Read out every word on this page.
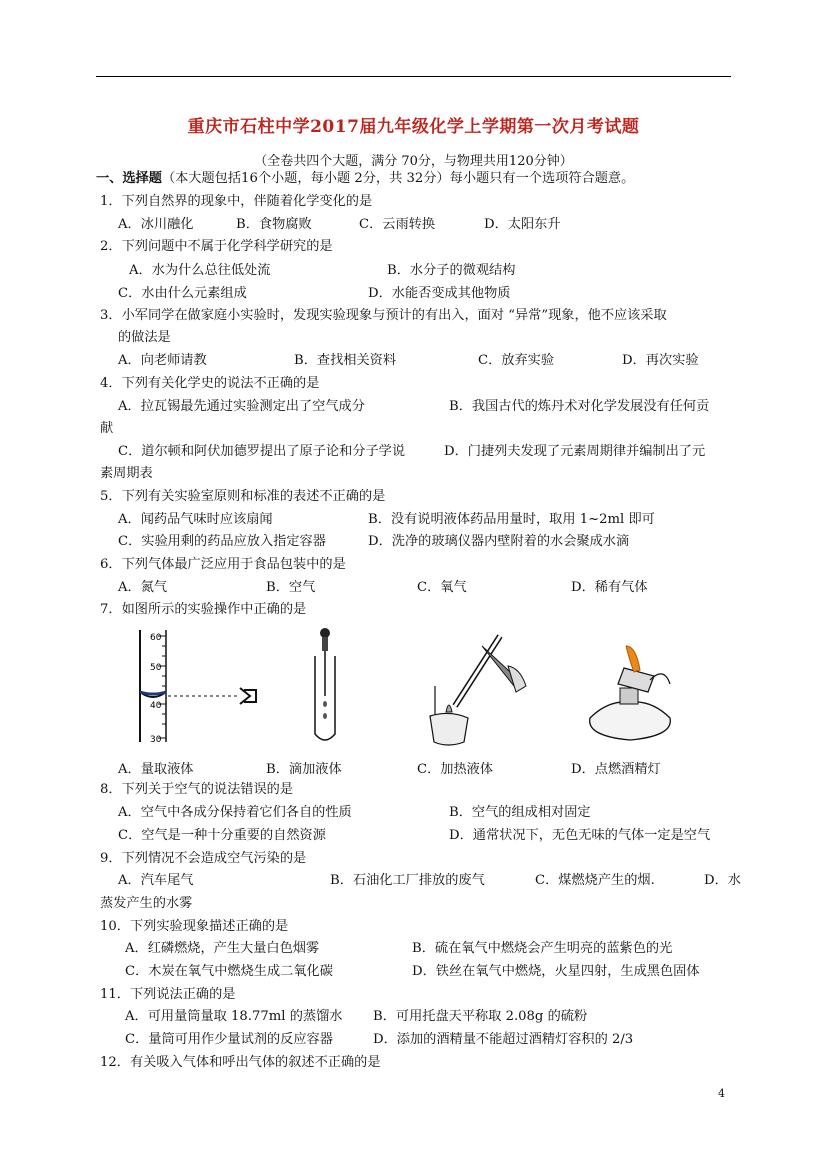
重庆市石柱中学2017届九年级化学上学期第一次月考试题
（全卷共四个大题，满分 70分，与物理共用120分钟）
一、选择题（本大题包括16个小题，每小题 2分，共 32分）每小题只有一个选项符合题意。
1．下列自然界的现象中，伴随着化学变化的是
A．冰川融化	B．食物腐败	C．云雨转换	D．太阳东升
2．下列问题中不属于化学科学研究的是
A．水为什么总往低处流	B．水分子的微观结构
C．水由什么元素组成	D．水能否变成其他物质
3．小军同学在做家庭小实验时，发现实验现象与预计的有出入，面对 “异常”现象，他不应该采取
的做法是
A．向老师请教	B．查找相关资料	C．放弃实验	D．再次实验
4．下列有关化学史的说法不正确的是
A．拉瓦锡最先通过实验测定出了空气成分	B．我国古代的炼丹术对化学发展没有任何贡
献
C．道尔顿和阿伏加德罗提出了原子论和分子学说	D．门捷列夫发现了元素周期律并编制出了元
素周期表
5．下列有关实验室原则和标准的表述不正确的是
A．闻药品气味时应该扇闻	B．没有说明液体药品用量时，取用 1~2ml 即可
C．实验用剩的药品应放入指定容器	D．洗净的玻璃仪器内壁附着的水会聚成水滴
6．下列气体最广泛应用于食品包装中的是
A．氮气	B．空气	C．氧气	D．稀有气体
7．如图所示的实验操作中正确的是
60
50
40
30
A．量取液体	B．滴加液体	C．加热液体	D．点燃酒精灯
8．下列关于空气的说法错误的是
A．空气中各成分保持着它们各自的性质	B．空气的组成相对固定
C．空气是一种十分重要的自然资源	D．通常状况下，无色无味的气体一定是空气
9．下列情况不会造成空气污染的是
A．汽车尾气	B．石油化工厂排放的废气	C．煤燃烧产生的烟.	D．水
蒸发产生的水雾
10．下列实验现象描述正确的是
A．红磷燃烧，产生大量白色烟雾	B．硫在氧气中燃烧会产生明亮的蓝紫色的光
C．木炭在氧气中燃烧生成二氧化碳	D．铁丝在氧气中燃烧，火星四射，生成黑色固体
11．下列说法正确的是
A．可用量筒量取 18.77ml 的蒸馏水 B．可用托盘天平称取 2.08g 的硫粉
C．量筒可用作少量试剂的反应容器	D．添加的酒精量不能超过酒精灯容积的 2/3
12．有关吸入气体和呼出气体的叙述不正确的是
4
